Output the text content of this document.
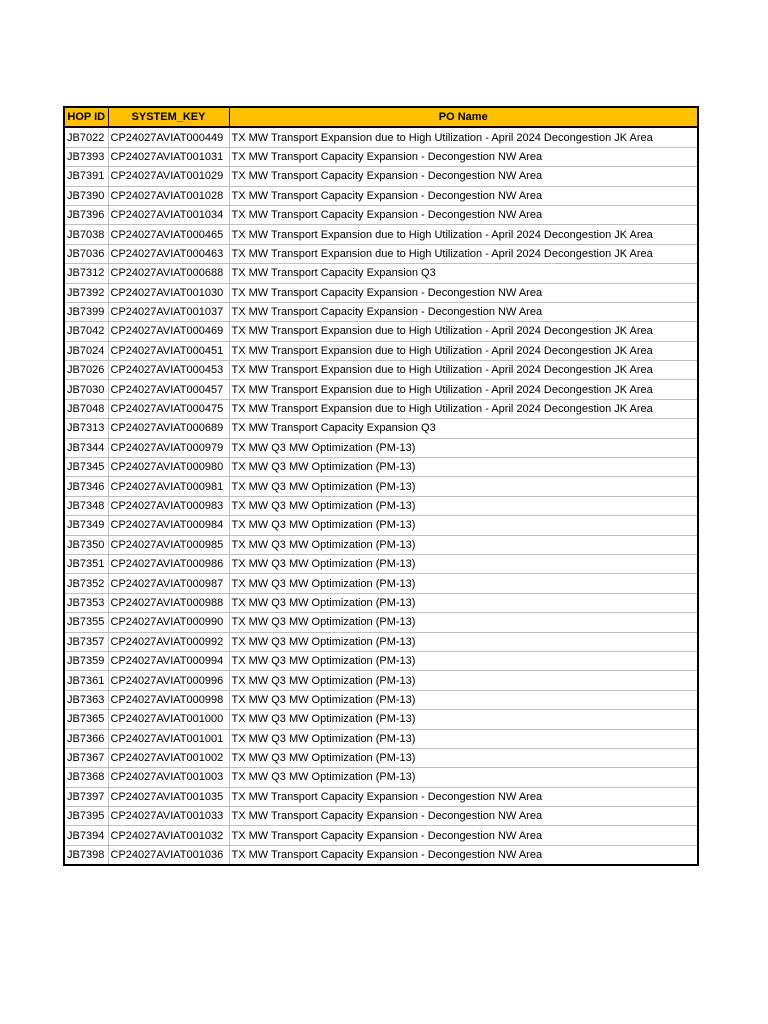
HOP ID	SYSTEM_KEY	PO Name
JB7022	CP24027AVIAT000449	TX MW Transport Expansion due to High Utilization - April 2024 Decongestion JK Area
JB7393	CP24027AVIAT001031	TX MW Transport Capacity Expansion - Decongestion NW Area
JB7391	CP24027AVIAT001029	TX MW Transport Capacity Expansion - Decongestion NW Area
JB7390	CP24027AVIAT001028	TX MW Transport Capacity Expansion - Decongestion NW Area
JB7396	CP24027AVIAT001034	TX MW Transport Capacity Expansion - Decongestion NW Area
JB7038	CP24027AVIAT000465	TX MW Transport Expansion due to High Utilization - April 2024 Decongestion JK Area
JB7036	CP24027AVIAT000463	TX MW Transport Expansion due to High Utilization - April 2024 Decongestion JK Area
JB7312	CP24027AVIAT000688	TX MW Transport Capacity Expansion Q3
JB7392	CP24027AVIAT001030	TX MW Transport Capacity Expansion - Decongestion NW Area
JB7399	CP24027AVIAT001037	TX MW Transport Capacity Expansion - Decongestion NW Area
JB7042	CP24027AVIAT000469	TX MW Transport Expansion due to High Utilization - April 2024 Decongestion JK Area
JB7024	CP24027AVIAT000451	TX MW Transport Expansion due to High Utilization - April 2024 Decongestion JK Area
JB7026	CP24027AVIAT000453	TX MW Transport Expansion due to High Utilization - April 2024 Decongestion JK Area
JB7030	CP24027AVIAT000457	TX MW Transport Expansion due to High Utilization - April 2024 Decongestion JK Area
JB7048	CP24027AVIAT000475	TX MW Transport Expansion due to High Utilization - April 2024 Decongestion JK Area
JB7313	CP24027AVIAT000689	TX MW Transport Capacity Expansion Q3
JB7344	CP24027AVIAT000979	TX MW Q3 MW Optimization (PM-13)
JB7345	CP24027AVIAT000980	TX MW Q3 MW Optimization (PM-13)
JB7346	CP24027AVIAT000981	TX MW Q3 MW Optimization (PM-13)
JB7348	CP24027AVIAT000983	TX MW Q3 MW Optimization (PM-13)
JB7349	CP24027AVIAT000984	TX MW Q3 MW Optimization (PM-13)
JB7350	CP24027AVIAT000985	TX MW Q3 MW Optimization (PM-13)
JB7351	CP24027AVIAT000986	TX MW Q3 MW Optimization (PM-13)
JB7352	CP24027AVIAT000987	TX MW Q3 MW Optimization (PM-13)
JB7353	CP24027AVIAT000988	TX MW Q3 MW Optimization (PM-13)
JB7355	CP24027AVIAT000990	TX MW Q3 MW Optimization (PM-13)
JB7357	CP24027AVIAT000992	TX MW Q3 MW Optimization (PM-13)
JB7359	CP24027AVIAT000994	TX MW Q3 MW Optimization (PM-13)
JB7361	CP24027AVIAT000996	TX MW Q3 MW Optimization (PM-13)
JB7363	CP24027AVIAT000998	TX MW Q3 MW Optimization (PM-13)
JB7365	CP24027AVIAT001000	TX MW Q3 MW Optimization (PM-13)
JB7366	CP24027AVIAT001001	TX MW Q3 MW Optimization (PM-13)
JB7367	CP24027AVIAT001002	TX MW Q3 MW Optimization (PM-13)
JB7368	CP24027AVIAT001003	TX MW Q3 MW Optimization (PM-13)
JB7397	CP24027AVIAT001035	TX MW Transport Capacity Expansion - Decongestion NW Area
JB7395	CP24027AVIAT001033	TX MW Transport Capacity Expansion - Decongestion NW Area
JB7394	CP24027AVIAT001032	TX MW Transport Capacity Expansion - Decongestion NW Area
JB7398	CP24027AVIAT001036	TX MW Transport Capacity Expansion - Decongestion NW Area
